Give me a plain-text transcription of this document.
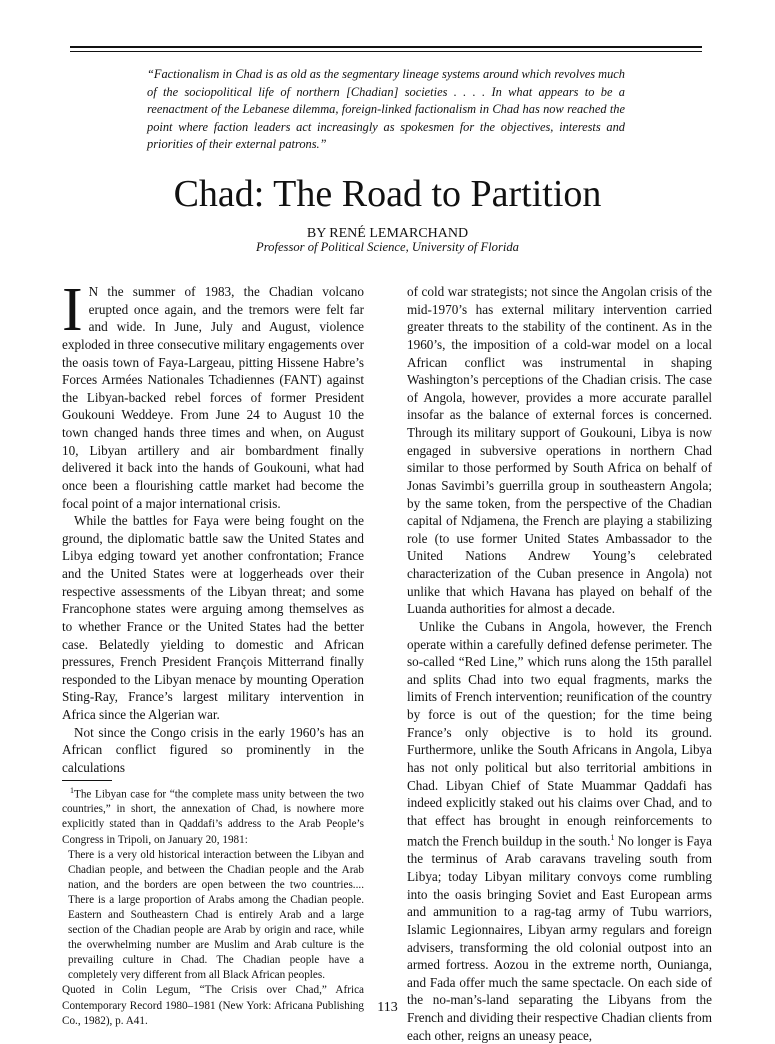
“Factionalism in Chad is as old as the segmentary lineage systems around which revolves much of the sociopolitical life of northern [Chadian] societies . . . . In what appears to be a reenactment of the Lebanese dilemma, foreign-linked factionalism in Chad has now reached the point where faction leaders act increasingly as spokesmen for the objectives, interests and priorities of their external patrons.”

Chad: The Road to Partition
BY RENÉ LEMARCHAND
Professor of Political Science, University of Florida

I N the summer of 1983, the Chadian volcano erupted once again, and the tremors were felt far and wide. In June, July and August, violence exploded in three consecutive military engagements over the oasis town of Faya-Largeau, pitting Hissene Habre’s Forces Armées Nationales Tchadiennes (FANT) against the Libyan-backed rebel forces of former President Goukouni Weddeye. From June 24 to August 10 the town changed hands three times and when, on August 10, Libyan artillery and air bombardment finally delivered it back into the hands of Goukouni, what had once been a flourishing cattle market had become the focal point of a major international crisis.

While the battles for Faya were being fought on the ground, the diplomatic battle saw the United States and Libya edging toward yet another confrontation; France and the United States were at loggerheads over their respective assessments of the Libyan threat; and some Francophone states were arguing among themselves as to whether France or the United States had the better case. Belatedly yielding to domestic and African pressures, French President François Mitterrand finally responded to the Libyan menace by mounting Operation Sting-Ray, France’s largest military intervention in Africa since the Algerian war.

Not since the Congo crisis in the early 1960’s has an African conflict figured so prominently in the calculations

$^1$The Libyan case for “the complete mass unity between the two countries,” in short, the annexation of Chad, is nowhere more explicitly stated than in Qaddafi’s address to the Arab People’s Congress in Tripoli, on January 20, 1981:

There is a very old historical interaction between the Libyan and Chadian people, and between the Chadian people and the Arab nation, and the borders are open between the two countries.... There is a large proportion of Arabs among the Chadian people. Eastern and Southeastern Chad is entirely Arab and a large section of the Chadian people are Arab by origin and race, while the overwhelming number are Muslim and Arab culture is the prevailing culture in Chad. The Chadian people have a completely very different from all Black African peoples.

Quoted in Colin Legum, “The Crisis over Chad,” Africa Contemporary Record 1980–1981 (New York: Africana Publishing Co., 1982), p. A41.

of cold war strategists; not since the Angolan crisis of the mid-1970’s has external military intervention carried greater threats to the stability of the continent. As in the 1960’s, the imposition of a cold-war model on a local African conflict was instrumental in shaping Washington’s perceptions of the Chadian crisis. The case of Angola, however, provides a more accurate parallel insofar as the balance of external forces is concerned. Through its military support of Goukouni, Libya is now engaged in subversive operations in northern Chad similar to those performed by South Africa on behalf of Jonas Savimbi’s guerrilla group in southeastern Angola; by the same token, from the perspective of the Chadian capital of Ndjamena, the French are playing a stabilizing role (to use former United States Ambassador to the United Nations Andrew Young’s celebrated characterization of the Cuban presence in Angola) not unlike that which Havana has played on behalf of the Luanda authorities for almost a decade.

Unlike the Cubans in Angola, however, the French operate within a carefully defined defense perimeter. The so-called “Red Line,” which runs along the 15th parallel and splits Chad into two equal fragments, marks the limits of French intervention; reunification of the country by force is out of the question; for the time being France’s only objective is to hold its ground. Furthermore, unlike the South Africans in Angola, Libya has not only political but also territorial ambitions in Chad. Libyan Chief of State Muammar Qaddafi has indeed explicitly staked out his claims over Chad, and to that effect has brought in enough reinforcements to match the French buildup in the south.$^1$ No longer is Faya the terminus of Arab caravans traveling south from Libya; today Libyan military convoys come rumbling into the oasis bringing Soviet and East European arms and ammunition to a rag-tag army of Tubu warriors, Islamic Legionnaires, Libyan army regulars and foreign advisers, transforming the old colonial outpost into an armed fortress. Aozou in the extreme north, Ounianga, and Fada offer much the same spectacle. On each side of the no-man’s-land separating the Libyans from the French and dividing their respective Chadian clients from each other, reigns an uneasy peace,

113
